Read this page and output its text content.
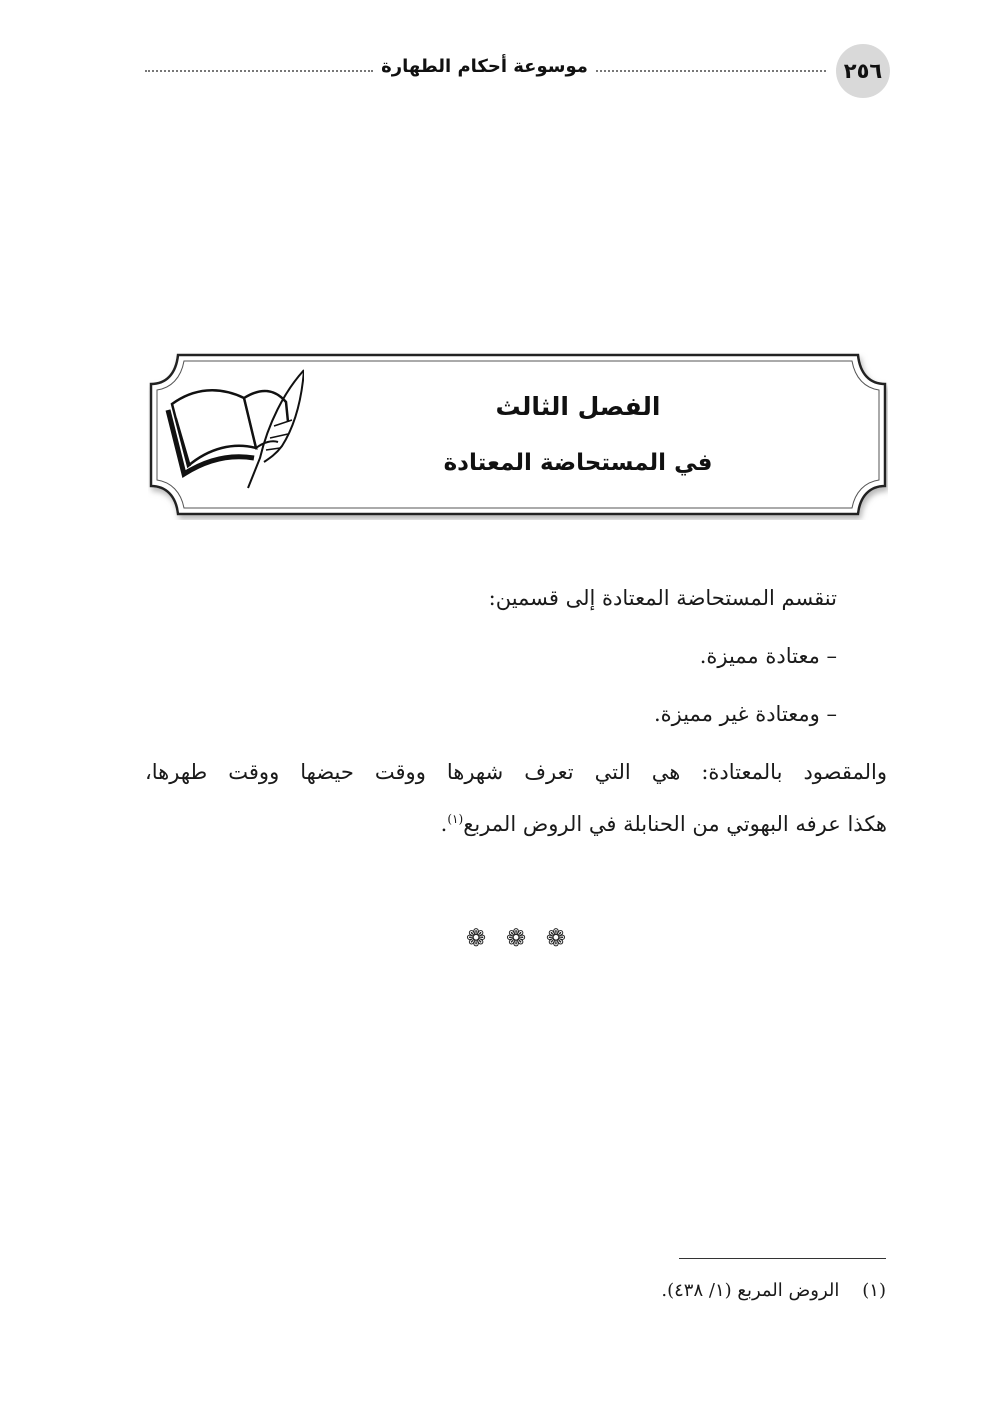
٢٥٦
موسوعة أحكام الطهارة
الفصل الثالث
في المستحاضة المعتادة
تنقسم المستحاضة المعتادة إلى قسمين:
– معتادة مميزة.
– ومعتادة غير مميزة.
والمقصود بالمعتادة: هي التي تعرف شهرها ووقت حيضها ووقت طهرها،
هكذا عرفه البهوتي من الحنابلة في الروض المربع$^{(١)}$.
❁ ❁ ❁
(١)    الروض المربع (١/ ٤٣٨).
